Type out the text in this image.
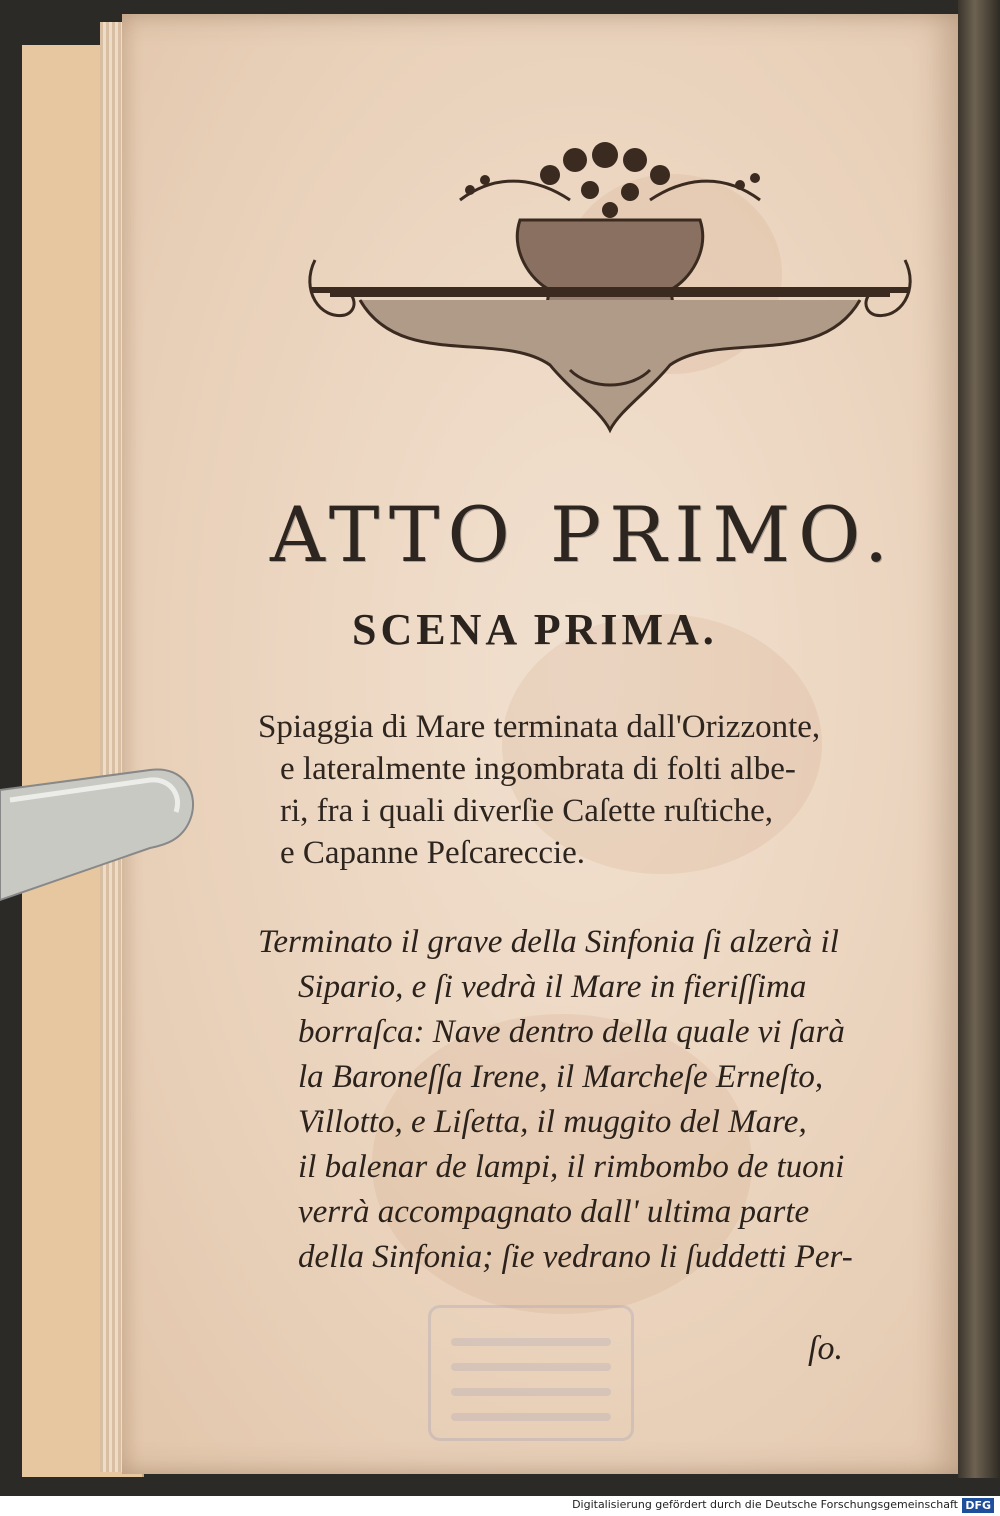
ATTO PRIMO.
SCENA PRIMA.

Spiaggia di Mare terminata dall'Orizzonte,

e lateralmente ingombrata di folti albe-

ri, fra i quali diverſie Caſette ruſtiche,

e Capanne Peſcareccie.

Terminato il grave della Sinfonia ſi alzerà il

Sipario, e ſi vedrà il Mare in fieriſſima

borraſca: Nave dentro della quale vi ſarà

la Baroneſſa Irene, il Marcheſe Erneſto,

Villotto, e Liſetta, il muggito del Mare,

il balenar de lampi, il rimbombo de tuoni

verrà accompagnato dall' ultima parte

della Sinfonia; ſie vedrano li ſuddetti Per-

ſo.
Digitalisierung gefördert durch die Deutsche Forschungsgemeinschaft DFG
